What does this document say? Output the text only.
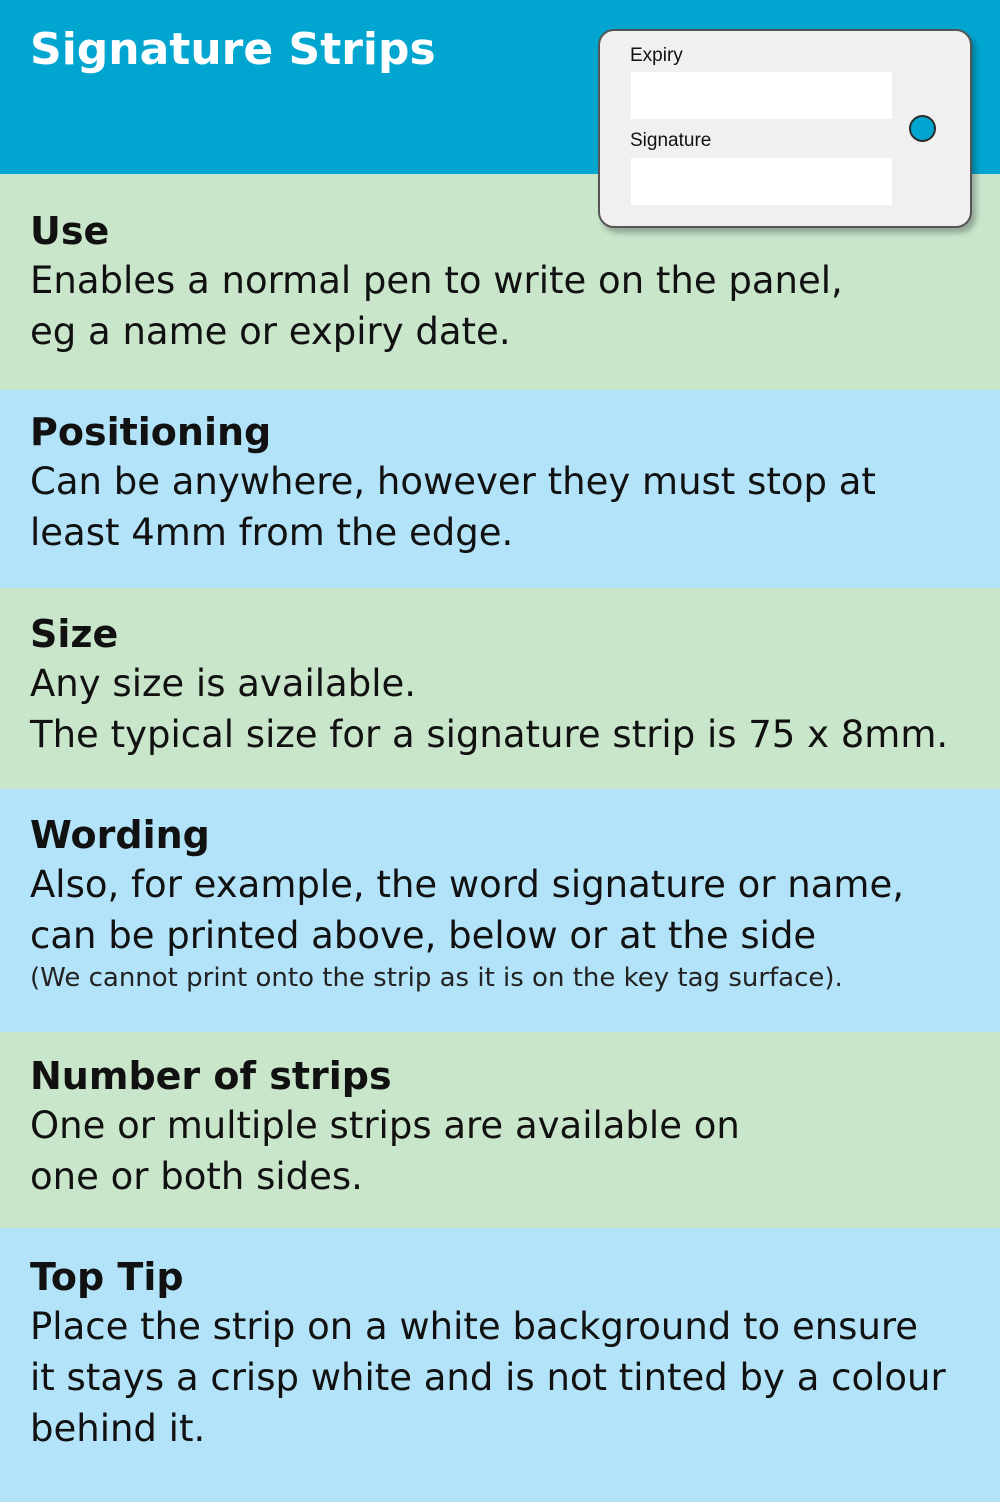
Signature Strips
Use
Enables a normal pen to write on the panel,
eg a name or expiry date.
Positioning
Can be anywhere, however they must stop at
least 4mm from the edge.
Size
Any size is available.
The typical size for a signature strip is 75 x 8mm.
Wording
Also, for example, the word signature or name,
can be printed above, below or at the side
(We cannot print onto the strip as it is on the key tag surface).
Number of strips
One or multiple strips are available on
one or both sides.
Top Tip
Place the strip on a white background to ensure
it stays a crisp white and is not tinted by a colour
behind it.
Expiry
Signature
